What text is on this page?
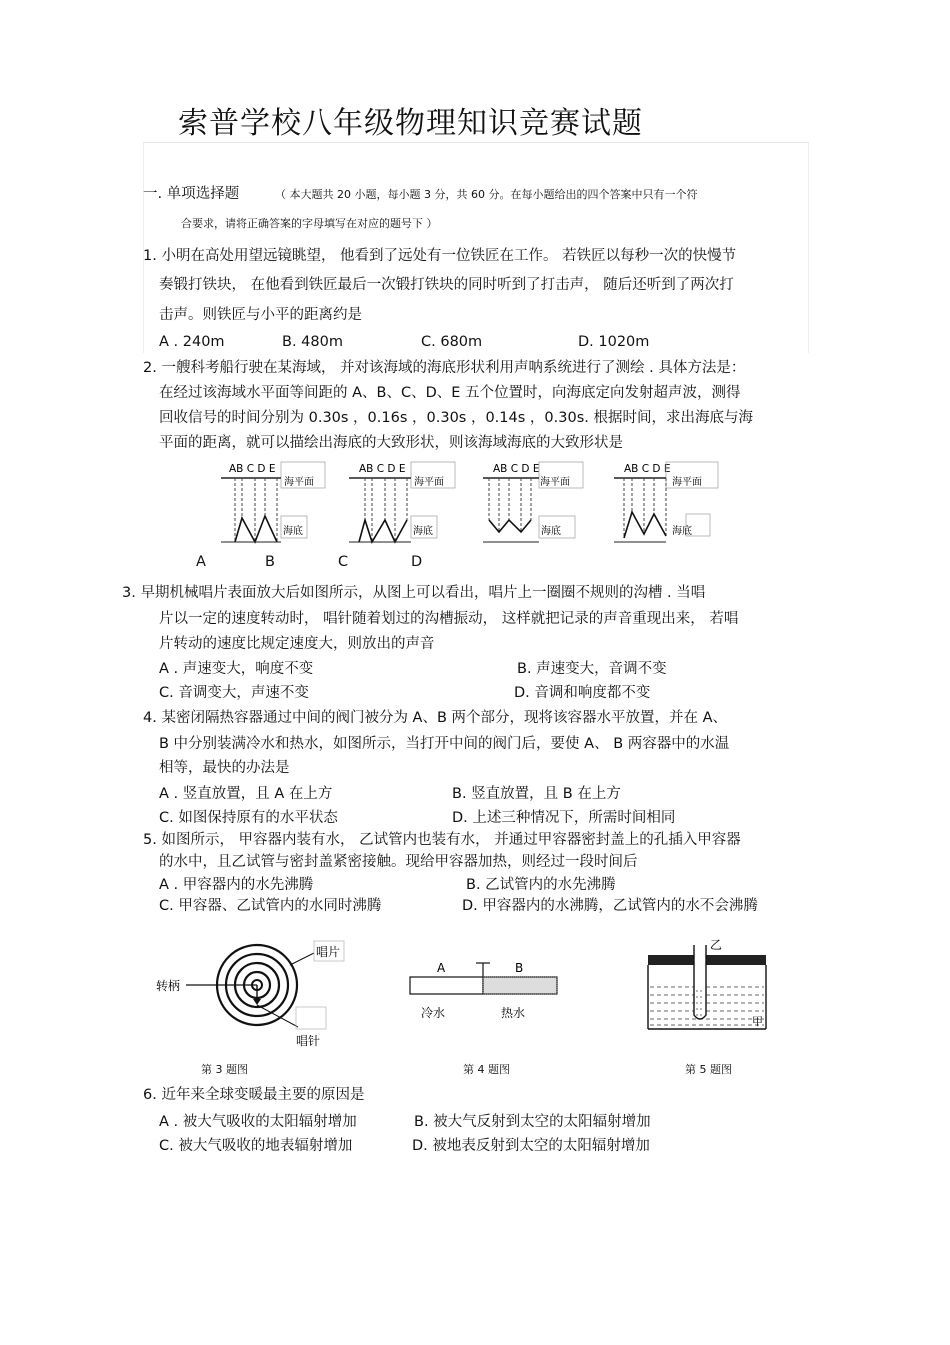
索普学校八年级物理知识竞赛试题
一. 单项选择题	（ 本大题共 20 小题，每小题 3 分，共 60 分。在每小题给出的四个答案中只有一个符
合要求，请将正确答案的字母填写在对应的题号下 ）
1. 小明在高处用望远镜眺望， 他看到了远处有一位铁匠在工作。 若铁匠以每秒一次的快慢节
奏锻打铁块， 在他看到铁匠最后一次锻打铁块的同时听到了打击声， 随后还听到了两次打
击声。则铁匠与小平的距离约是
A . 240m	B. 480m	C. 680m	D. 1020m
2. 一艘科考船行驶在某海域， 并对该海域的海底形状利用声呐系统进行了测绘 . 具体方法是：
在经过该海域水平面等间距的 A、B、C、D、E 五个位置时，向海底定向发射超声波，测得
回收信号的时间分别为 0.30s ，0.16s ，0.30s ，0.14s ，0.30s. 根据时间，求出海底与海
平面的距离，就可以描绘出海底的大致形状，则该海域海底的大致形状是
AB C D E
海平面
海底
AB C D E
海平面
海底
AB C D E
海平面
海底
AB C D E
海平面
海底
A	B	C	D
3. 早期机械唱片表面放大后如图所示，从图上可以看出，唱片上一圈圈不规则的沟槽 . 当唱
片以一定的速度转动时， 唱针随着划过的沟槽振动， 这样就把记录的声音重现出来， 若唱
片转动的速度比规定速度大，则放出的声音
A . 声速变大，响度不变	B. 声速变大，音调不变
C. 音调变大，声速不变	D. 音调和响度都不变
4. 某密闭隔热容器通过中间的阀门被分为 A、B 两个部分，现将该容器水平放置，并在 A、
B 中分别装满冷水和热水，如图所示，当打开中间的阀门后，要使 A、 B 两容器中的水温
相等，最快的办法是
A . 竖直放置，且 A 在上方	B. 竖直放置，且 B 在上方
C. 如图保持原有的水平状态	D. 上述三种情况下，所需时间相同
5. 如图所示， 甲容器内装有水， 乙试管内也装有水， 并通过甲容器密封盖上的孔插入甲容器
的水中，且乙试管与密封盖紧密接触。现给甲容器加热，则经过一段时间后
A . 甲容器内的水先沸腾	B. 乙试管内的水先沸腾
C. 甲容器、乙试管内的水同时沸腾	D. 甲容器内的水沸腾，乙试管内的水不会沸腾
唱片
转柄
唱针
第 3 题图
A	B
冷水	热水
第 4 题图
乙
甲
第 5 题图
6. 近年来全球变暖最主要的原因是
A . 被大气吸收的太阳辐射增加	B. 被大气反射到太空的太阳辐射增加
C. 被大气吸收的地表辐射增加	D. 被地表反射到太空的太阳辐射增加
